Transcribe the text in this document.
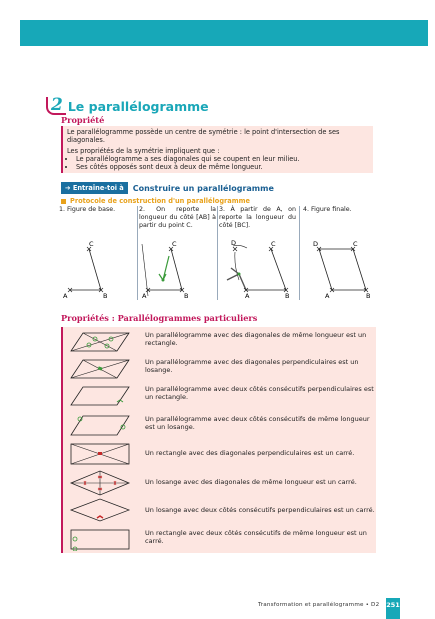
2 Le parallélogramme
Propriété

Le parallélogramme possède un centre de symétrie : le point d'intersection de ses diagonales.

Les propriétés de la symétrie impliquent que :

• Le parallélogramme a ses diagonales qui se coupent en leur milieu.
• Ses côtés opposés sont deux à deux de même longueur.
➔ Entraîne-toi à	Construire un parallélogramme
Protocole de construction d'un parallélogramme
1. Figure de base.
A	B
C
2. On reporte la longueur du côté [AB] à partir du point C.
A	B
C
3. À partir de A, on reporte la longueur du côté [BC].
A	B
C
D
4. Figure finale.
A	B
C
D
Propriétés : Parallélogrammes particuliers
Un parallélogramme avec des diagonales de même longueur est un rectangle.
Un parallélogramme avec des diagonales perpendiculaires est un losange.
Un parallélogramme avec deux côtés consécutifs perpendiculaires est un rectangle.
Un parallélogramme avec deux côtés consécutifs de même longueur est un losange.
Un rectangle avec des diagonales perpendiculaires est un carré.
Un losange avec des diagonales de même longueur est un carré.
Un losange avec deux côtés consécutifs perpendiculaires est un carré.
Un rectangle avec deux côtés consécutifs de même longueur est un carré.
Transformation et parallélogramme • D2 251
